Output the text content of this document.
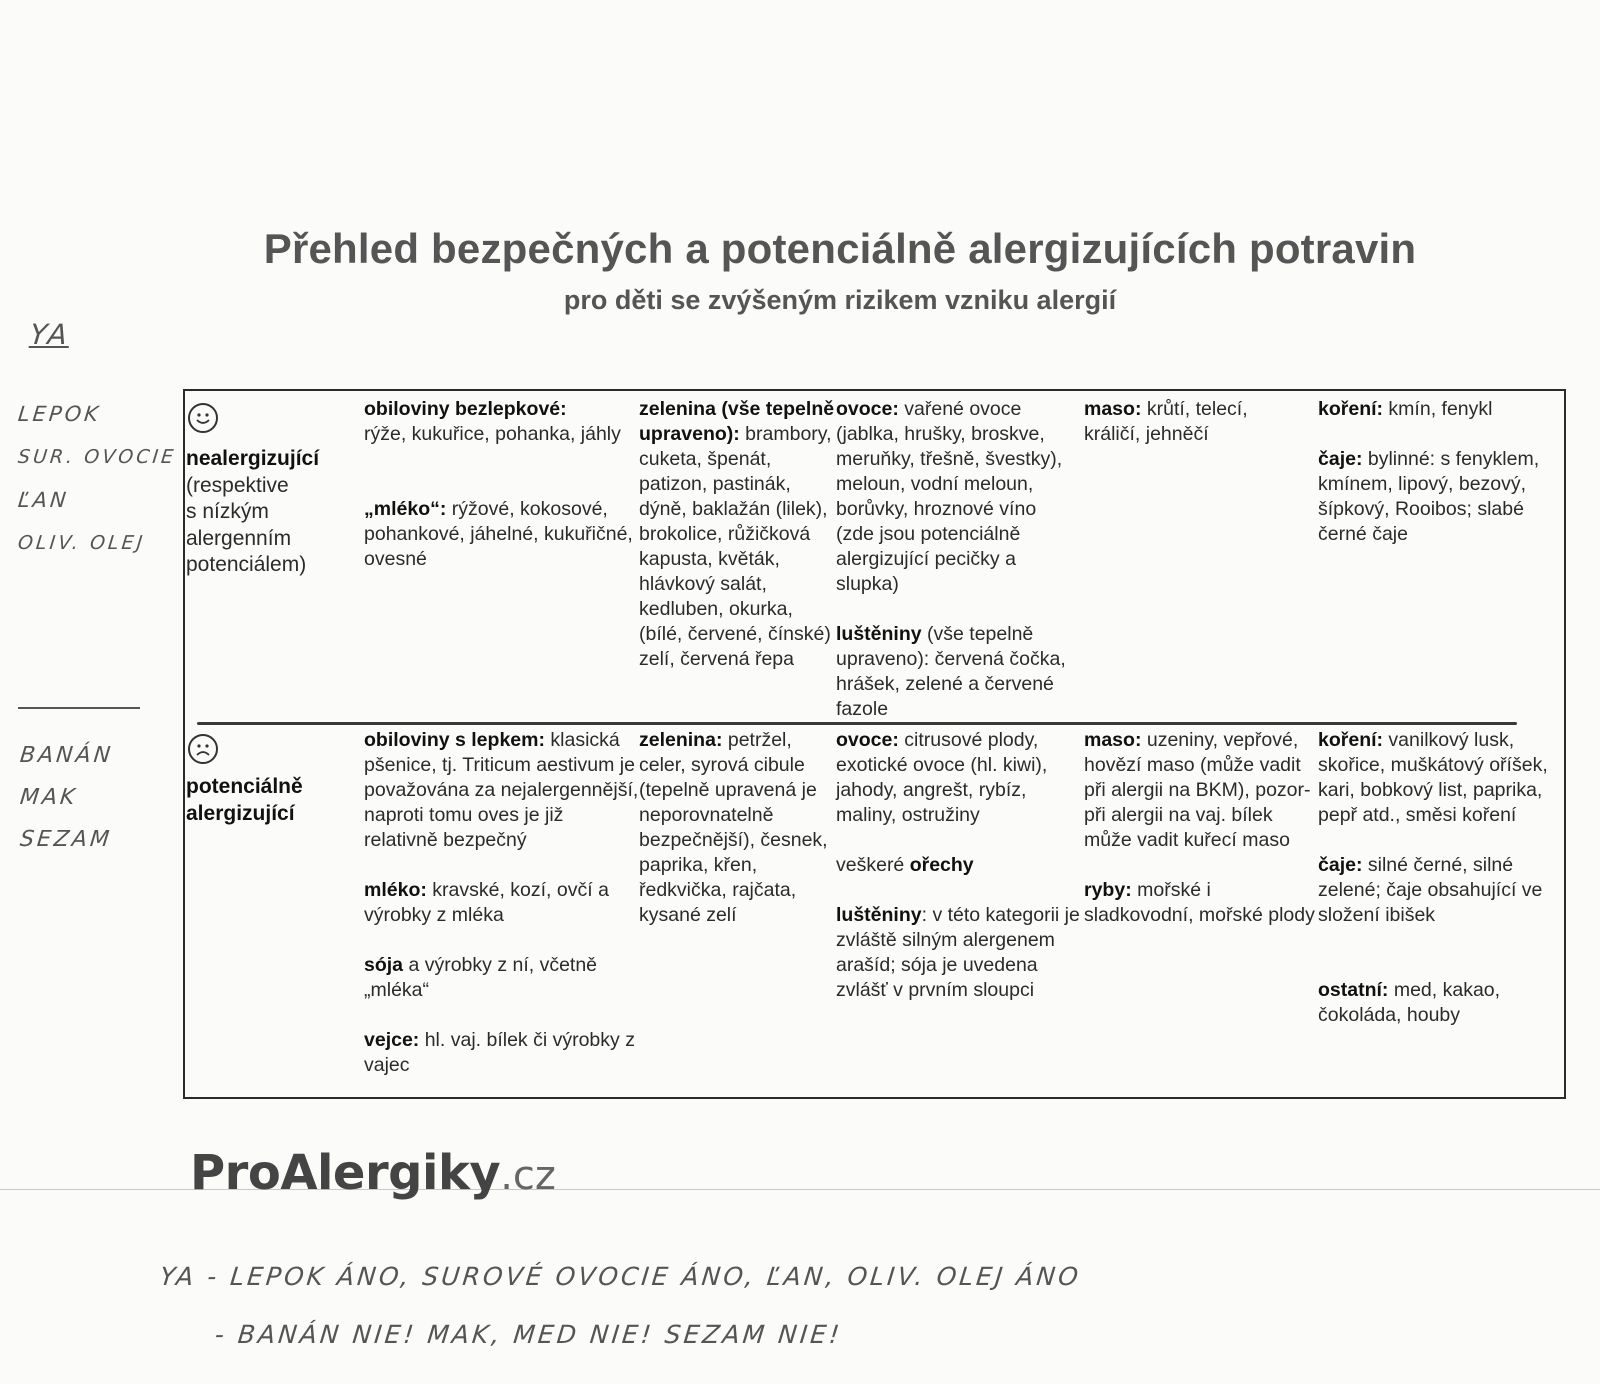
Přehled bezpečných a potenciálně alergizujících potravin
pro děti se zvýšeným rizikem vzniku alergií
YA
LEPOK
SUR. OVOCIE
ĽAN
OLIV. OLEJ
BANÁN
MAK
SEZAM
nealergizující
(respektive
s nízkým
alergenním
potenciálem)

obiloviny bezlepkové:
rýže, kukuřice, pohanka, jáhly

„mléko“: rýžové, kokosové, pohankové, jáhelné, kukuřičné, ovesné

zelenina (vše tepelně upraveno): brambory, cuketa, špenát, patizon, pastinák, dýně, baklažán (lilek), brokolice, růžičková kapusta, květák, hlávkový salát, kedluben, okurka, (bílé, červené, čínské) zelí, červená řepa

ovoce: vařené ovoce (jablka, hrušky, broskve, meruňky, třešně, švestky), meloun, vodní meloun, borůvky, hroznové víno (zde jsou potenciálně alergizující pecičky a slupka)

luštěniny (vše tepelně upraveno): červená čočka, hrášek, zelené a červené fazole

maso: krůtí, telecí, králičí, jehněčí

koření: kmín, fenykl

čaje: bylinné: s fenyklem, kmínem, lipový, bezový, šípkový, Rooibos; slabé černé čaje

potenciálně alergizující

obiloviny s lepkem: klasická pšenice, tj. Triticum aestivum je považována za nejalergennější, naproti tomu oves je již relativně bezpečný

mléko: kravské, kozí, ovčí a výrobky z mléka

sója a výrobky z ní, včetně „mléka“

vejce: hl. vaj. bílek či výrobky z vajec

zelenina: petržel, celer, syrová cibule (tepelně upravená je neporovnatelně bezpečnější), česnek, paprika, křen, ředkvička, rajčata, kysané zelí

ovoce: citrusové plody, exotické ovoce (hl. kiwi), jahody, angrešt, rybíz, maliny, ostružiny

veškeré ořechy

luštěniny: v této kategorii je zvláště silným alergenem arašíd; sója je uvedena zvlášť v prvním sloupci

maso: uzeniny, vepřové, hovězí maso (může vadit při alergii na BKM), pozor-při alergii na vaj. bílek může vadit kuřecí maso

ryby: mořské i sladkovodní, mořské plody

koření: vanilkový lusk, skořice, muškátový oříšek, kari, bobkový list, paprika, pepř atd., směsi koření

čaje: silné černé, silné zelené; čaje obsahující ve složení ibišek

ostatní: med, kakao, čokoláda, houby

ProAlergiky.cz
YA - LEPOK ÁNO, SUROVÉ OVOCIE ÁNO, ĽAN, OLIV. OLEJ ÁNO
- BANÁN NIE! MAK, MED NIE! SEZAM NIE!
